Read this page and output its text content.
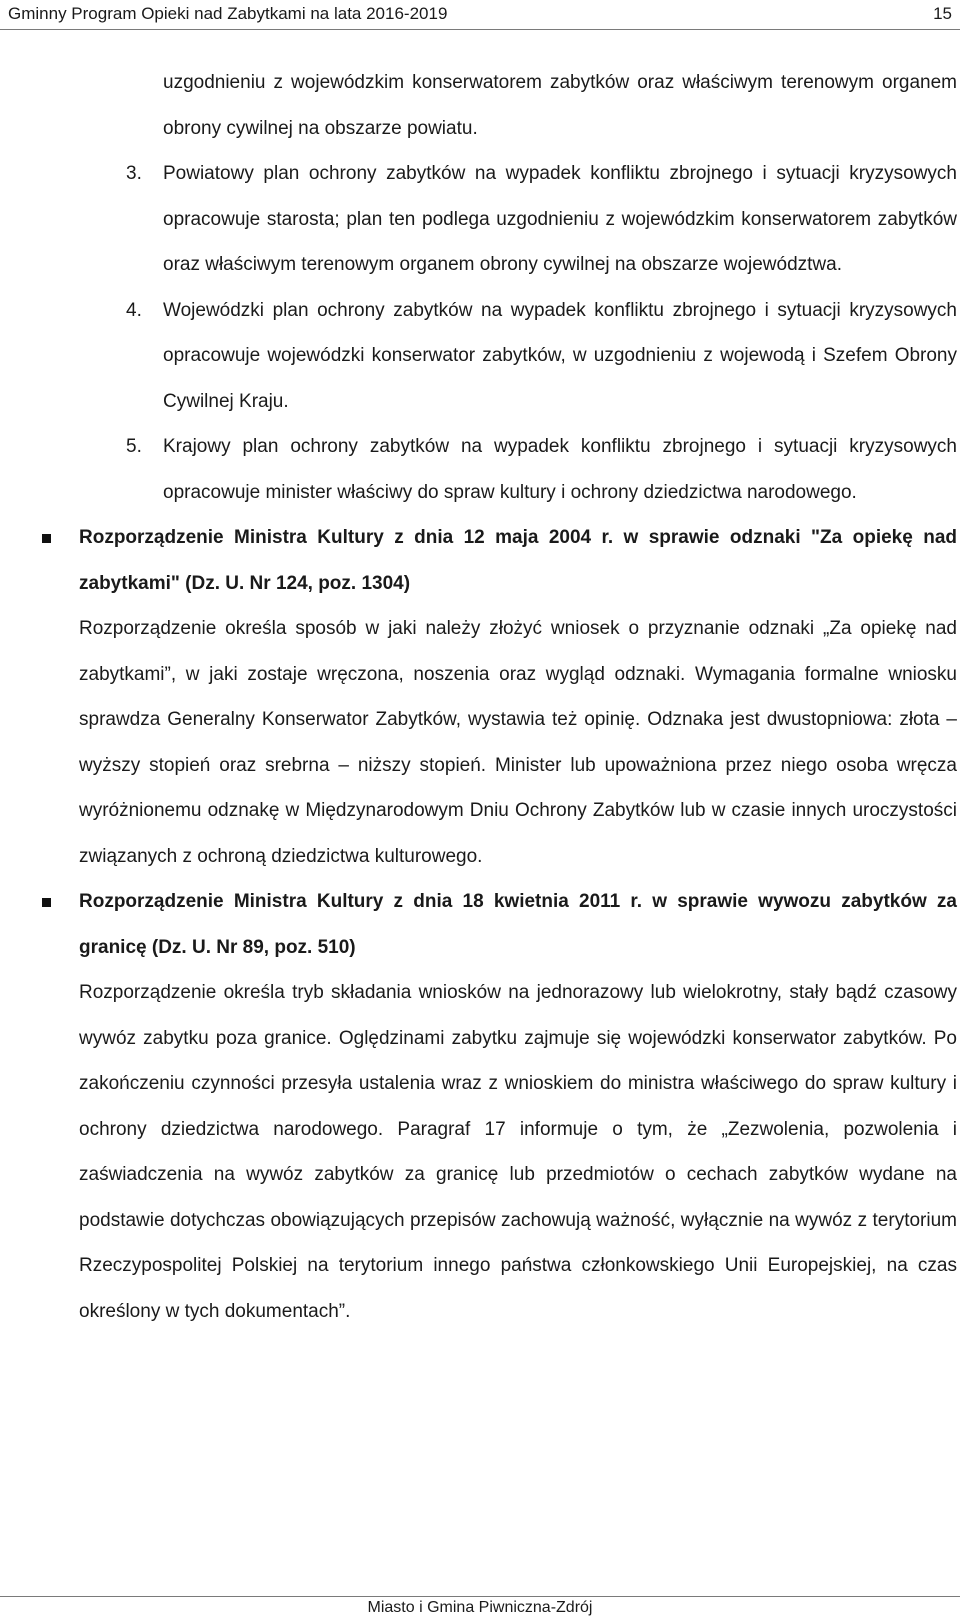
Gminny Program Opieki nad Zabytkami na lata 2016-2019	15

uzgodnieniu z wojewódzkim konserwatorem zabytków oraz właściwym terenowym organem obrony cywilnej na obszarze powiatu.

3. Powiatowy plan ochrony zabytków na wypadek konfliktu zbrojnego i sytuacji kryzysowych opracowuje starosta; plan ten podlega uzgodnieniu z wojewódzkim konserwatorem zabytków oraz właściwym terenowym organem obrony cywilnej na obszarze województwa.
4. Wojewódzki plan ochrony zabytków na wypadek konfliktu zbrojnego i sytuacji kryzysowych opracowuje wojewódzki konserwator zabytków, w uzgodnieniu z wojewodą i Szefem Obrony Cywilnej Kraju.
5. Krajowy plan ochrony zabytków na wypadek konfliktu zbrojnego i sytuacji kryzysowych opracowuje minister właściwy do spraw kultury i ochrony dziedzictwa narodowego.
Rozporządzenie Ministra Kultury z dnia 12 maja 2004 r. w sprawie odznaki "Za opiekę nad zabytkami" (Dz. U. Nr 124, poz. 1304)

Rozporządzenie określa sposób w jaki należy złożyć wniosek o przyznanie odznaki „Za opiekę nad zabytkami”, w jaki zostaje wręczona, noszenia oraz wygląd odznaki. Wymagania formalne wniosku sprawdza Generalny Konserwator Zabytków, wystawia też opinię. Odznaka jest dwustopniowa: złota – wyższy stopień oraz srebrna – niższy stopień. Minister lub upoważniona przez niego osoba wręcza wyróżnionemu odznakę w Międzynarodowym Dniu Ochrony Zabytków lub w czasie innych uroczystości związanych z ochroną dziedzictwa kulturowego.

Rozporządzenie Ministra Kultury z dnia 18 kwietnia 2011 r. w sprawie wywozu zabytków za granicę (Dz. U. Nr 89, poz. 510)

Rozporządzenie określa tryb składania wniosków na jednorazowy lub wielokrotny, stały bądź czasowy wywóz zabytku poza granice. Oględzinami zabytku zajmuje się wojewódzki konserwator zabytków. Po zakończeniu czynności przesyła ustalenia wraz z wnioskiem do ministra właściwego do spraw kultury i ochrony dziedzictwa narodowego. Paragraf 17 informuje o tym, że „Zezwolenia, pozwolenia i zaświadczenia na wywóz zabytków za granicę lub przedmiotów o cechach zabytków wydane na podstawie dotychczas obowiązujących przepisów zachowują ważność, wyłącznie na wywóz z terytorium Rzeczypospolitej Polskiej na terytorium innego państwa członkowskiego Unii Europejskiej, na czas określony w tych dokumentach”.

Miasto i Gmina Piwniczna-Zdrój
